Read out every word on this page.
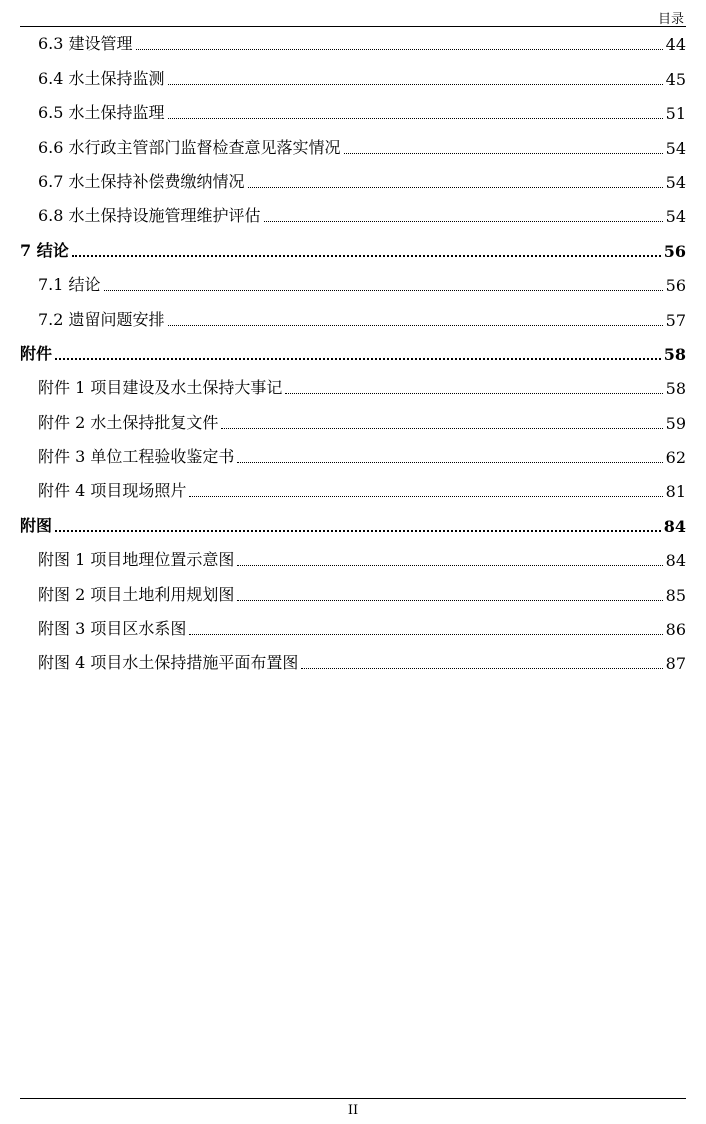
目录
6.3 建设管理	44
6.4 水土保持监测	45
6.5 水土保持监理	51
6.6 水行政主管部门监督检查意见落实情况	54
6.7 水土保持补偿费缴纳情况	54
6.8 水土保持设施管理维护评估	54
7 结论	56
7.1 结论	56
7.2 遗留问题安排	57
附件	58
附件 1 项目建设及水土保持大事记	58
附件 2 水土保持批复文件	59
附件 3 单位工程验收鉴定书	62
附件 4 项目现场照片	81
附图	84
附图 1 项目地理位置示意图	84
附图 2 项目土地利用规划图	85
附图 3 项目区水系图	86
附图 4 项目水土保持措施平面布置图	87
II
